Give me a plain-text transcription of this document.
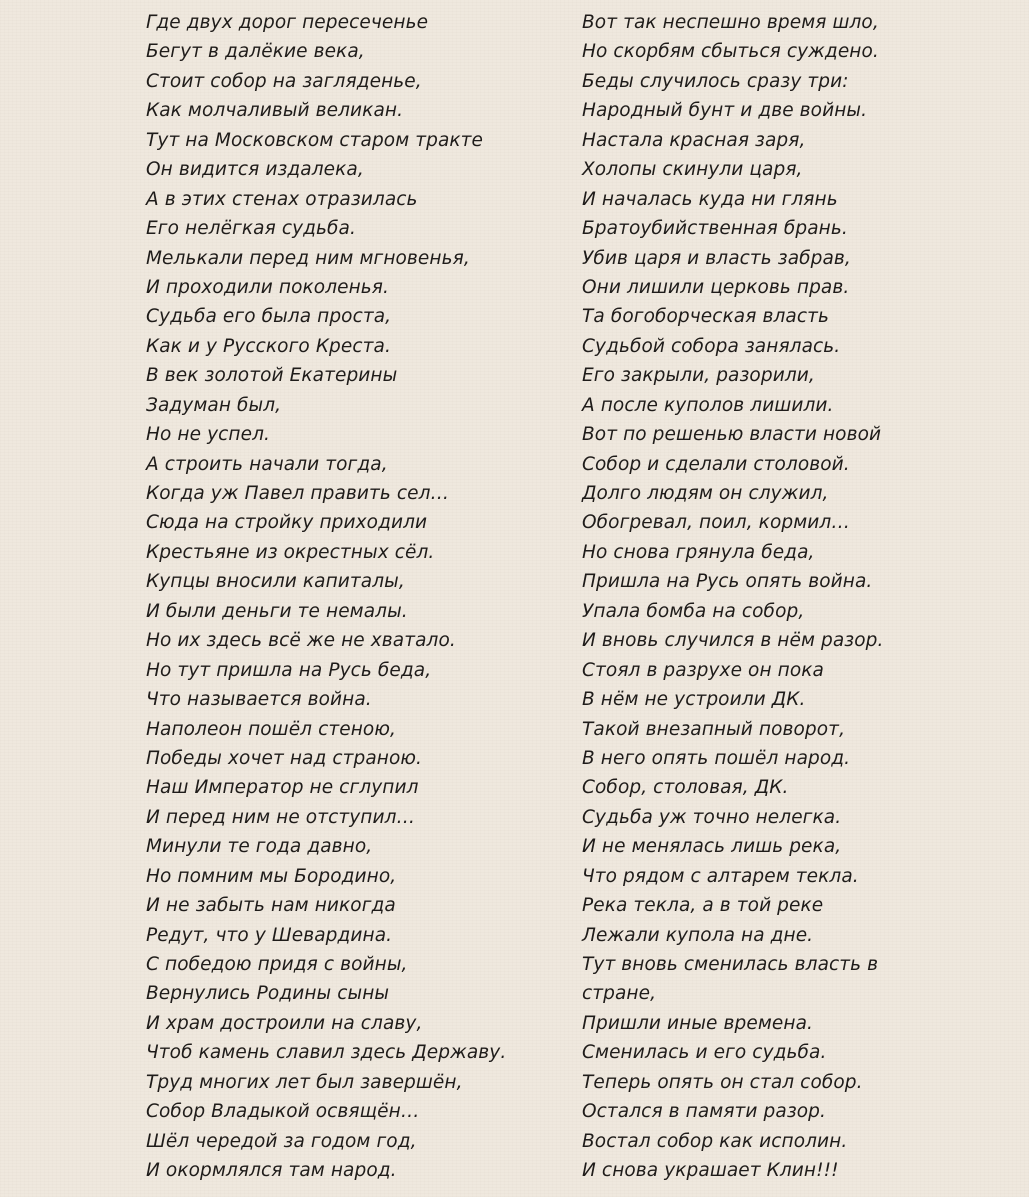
Где двух дорог пересеченье
Бегут в далёкие века,
Стоит собор на загляденье,
Как молчаливый великан.
Тут на Московском старом тракте
Он видится издалека,
А в этих стенах отразилась
Его нелёгкая судьба.
Мелькали перед ним мгновенья,
И проходили поколенья.
Судьба его была проста,
Как и у Русского Креста.
В век золотой Екатерины
Задуман был,
Но не успел.
А строить начали тогда,
Когда уж Павел править сел…
Сюда на стройку приходили
Крестьяне из окрестных сёл.
Купцы вносили капиталы,
И были деньги те немалы.
Но их здесь всё же не хватало.
Но тут пришла на Русь беда,
Что называется война.
Наполеон пошёл стеною,
Победы хочет над страною.
Наш Император не сглупил
И перед ним не отступил…
Минули те года давно,
Но помним мы Бородино,
И не забыть нам никогда
Редут, что у Шевардина.
С победою придя с войны,
Вернулись Родины сыны
И храм достроили на славу,
Чтоб камень славил здесь Державу.
Труд многих лет был завершён,
Собор Владыкой освящён…
Шёл чередой за годом год,
И окормлялся там народ.
Вот так неспешно время шло,
Но скорбям сбыться суждено.
Беды случилось сразу три:
Народный бунт и две войны.
Настала красная заря,
Холопы скинули царя,
И началась куда ни глянь
Братоубийственная брань.
Убив царя и власть забрав,
Они лишили церковь прав.
Та богоборческая власть
Судьбой собора занялась.
Его закрыли, разорили,
А после куполов лишили.
Вот по решенью власти новой
Собор и сделали столовой.
Долго людям он служил,
Обогревал, поил, кормил…
Но снова грянула беда,
Пришла на Русь опять война.
Упала бомба на собор,
И вновь случился в нём разор.
Стоял в разрухе он пока
В нём не устроили ДК.
Такой внезапный поворот,
В него опять пошёл народ.
Собор, столовая, ДК.
Судьба уж точно нелегка.
И не менялась лишь река,
Что рядом с алтарем текла.
Река текла, а в той реке
Лежали купола на дне.
Тут вновь сменилась власть в стране,
Пришли иные времена.
Сменилась и его судьба.
Теперь опять он стал собор.
Остался в памяти разор.
Востал собор как исполин.
И снова украшает Клин!!!
